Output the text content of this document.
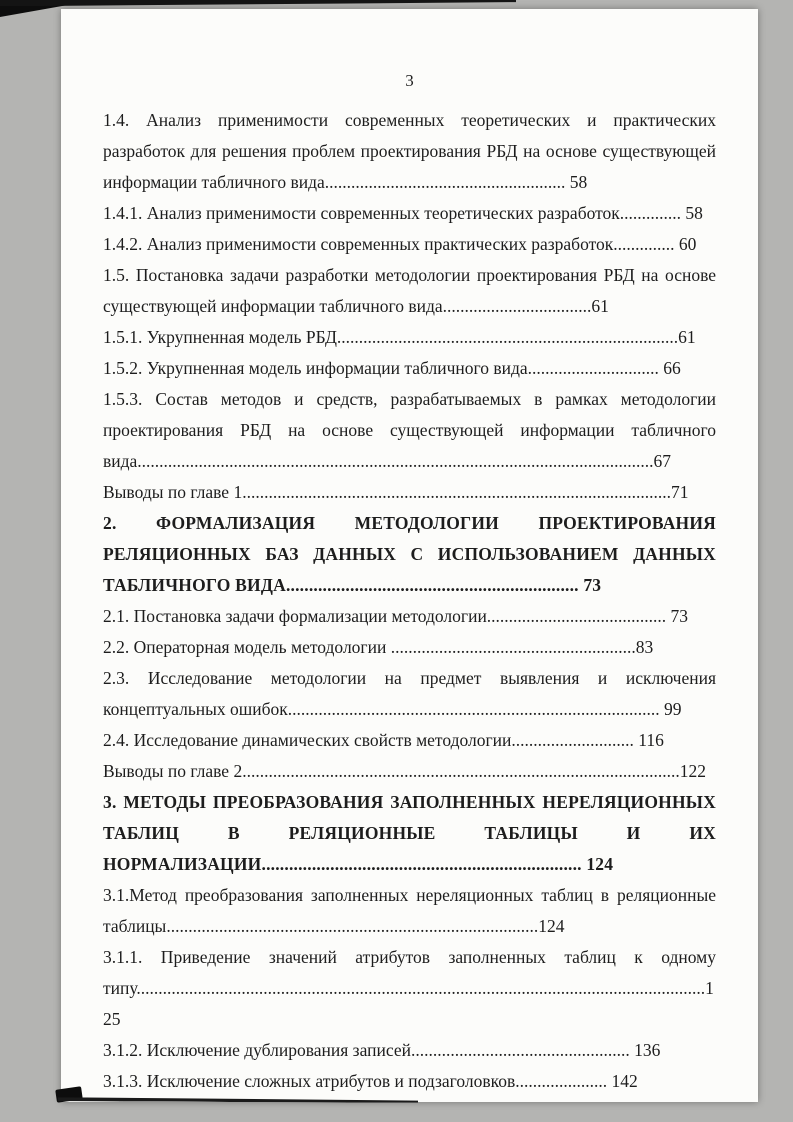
3

1.4. Анализ применимости современных теоретических и практических разработок для решения проблем проектирования РБД на основе существующей информации табличного вида....................................................... 58

1.4.1. Анализ применимости современных теоретических разработок.............. 58

1.4.2. Анализ применимости современных практических разработок.............. 60

1.5. Постановка задачи разработки методологии проектирования РБД на основе существующей информации табличного вида..................................61

1.5.1. Укрупненная модель РБД..............................................................................61

1.5.2. Укрупненная модель информации табличного вида.............................. 66

1.5.3. Состав методов и средств, разрабатываемых в рамках методологии проектирования РБД на основе существующей информации табличного вида......................................................................................................................67

Выводы по главе 1..................................................................................................71

2. ФОРМАЛИЗАЦИЯ МЕТОДОЛОГИИ ПРОЕКТИРОВАНИЯ РЕЛЯЦИОННЫХ БАЗ ДАННЫХ С ИСПОЛЬЗОВАНИЕМ ДАННЫХ ТАБЛИЧНОГО ВИДА................................................................ 73

2.1. Постановка задачи формализации методологии......................................... 73

2.2. Операторная модель методологии ........................................................83

2.3. Исследование методологии на предмет выявления и исключения концептуальных ошибок..................................................................................... 99

2.4. Исследование динамических свойств методологии............................ 116

Выводы по главе 2....................................................................................................122

3. МЕТОДЫ ПРЕОБРАЗОВАНИЯ ЗАПОЛНЕННЫХ НЕРЕЛЯЦИОННЫХ ТАБЛИЦ В РЕЛЯЦИОННЫЕ ТАБЛИЦЫ И ИХ НОРМАЛИЗАЦИИ...................................................................... 124

3.1.Метод преобразования заполненных нереляционных таблиц в реляционные таблицы.....................................................................................124

3.1.1. Приведение значений атрибутов заполненных таблиц к одному типу..................................................................................................................................125

3.1.2. Исключение дублирования записей.................................................. 136

3.1.3. Исключение сложных атрибутов и подзаголовков..................... 142
